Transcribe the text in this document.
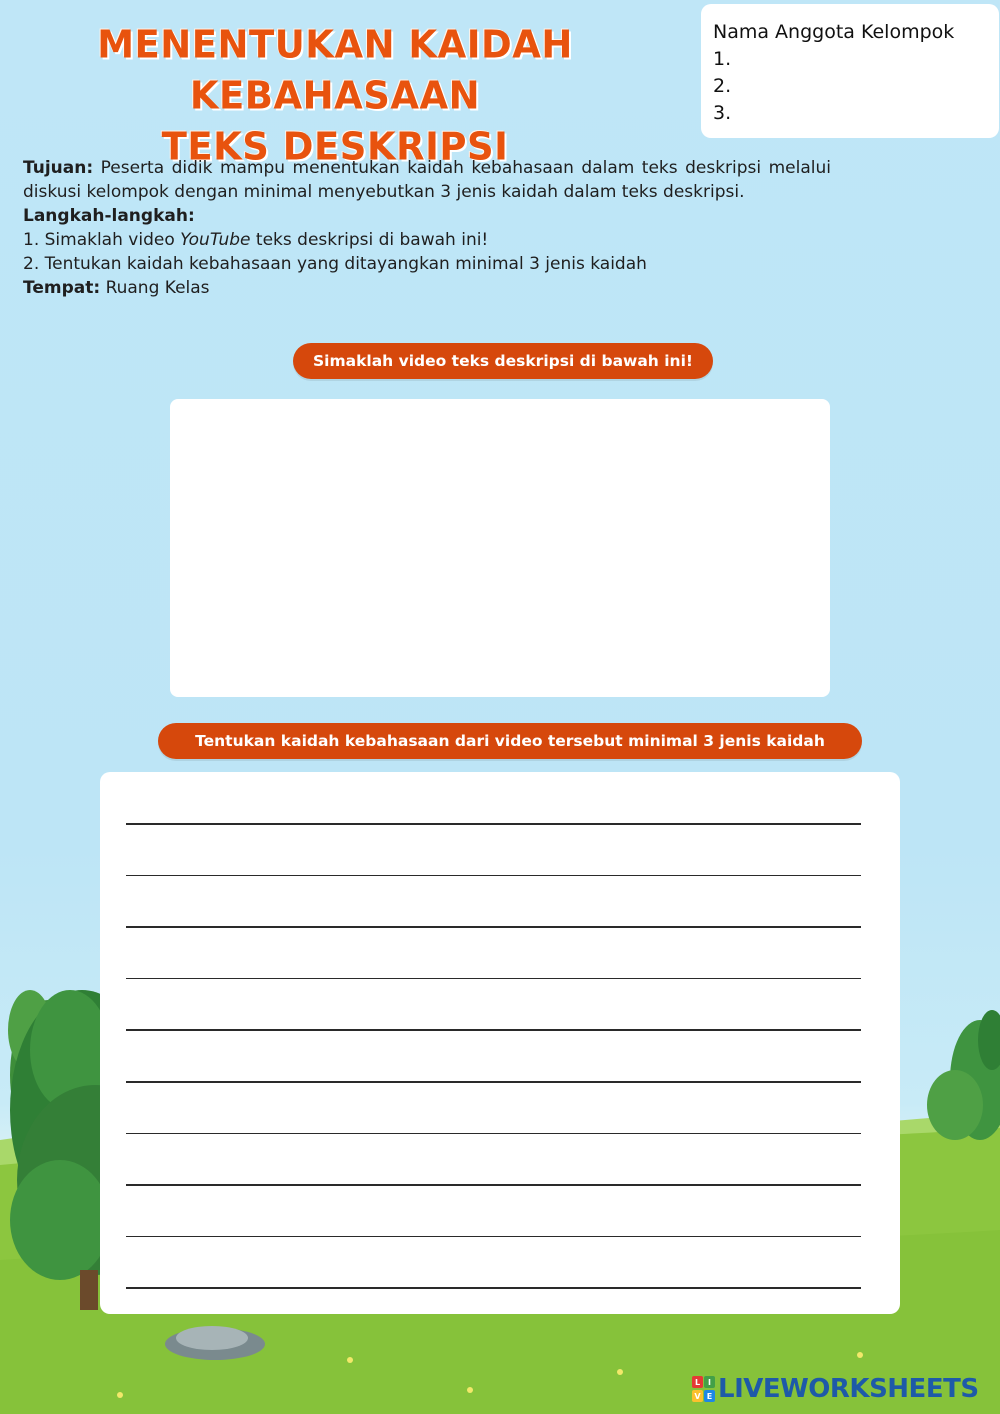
MENENTUKAN KAIDAH KEBAHASAAN
TEKS DESKRIPSI
Nama Anggota Kelompok
1.
2.
3.

Tujuan: Peserta didik mampu menentukan kaidah kebahasaan dalam teks deskripsi melalui diskusi kelompok dengan minimal menyebutkan 3 jenis kaidah dalam teks deskripsi.

Langkah-langkah:

1. Simaklah video YouTube teks deskripsi di bawah ini!

2. Tentukan kaidah kebahasaan yang ditayangkan minimal 3 jenis kaidah

Tempat: Ruang Kelas

Simaklah video teks deskripsi di bawah ini!
Tentukan kaidah kebahasaan dari video tersebut minimal 3 jenis kaidah
L I
V E LIVEWORKSHEETS
